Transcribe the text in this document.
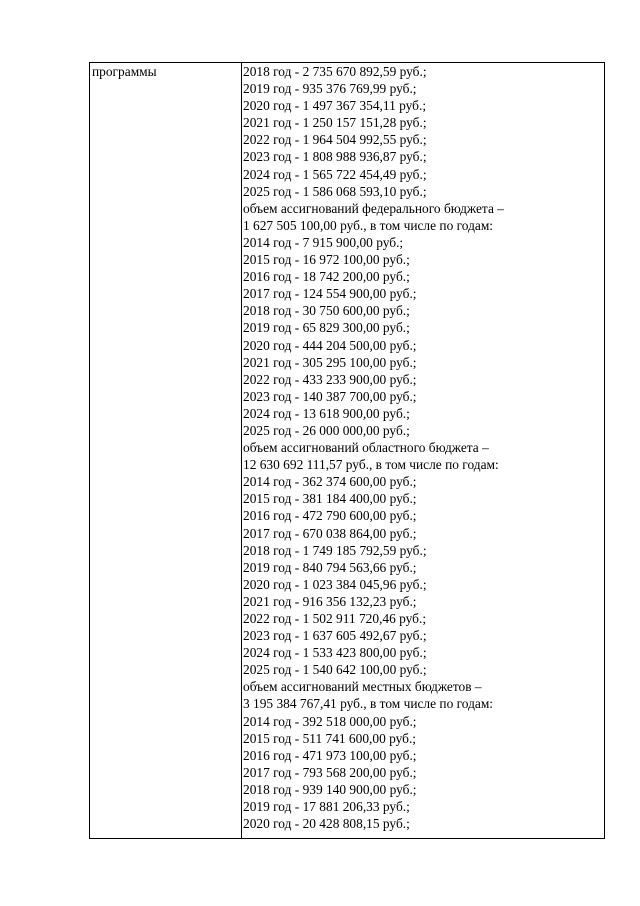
программы	2018 год - 2 735 670 892,59 руб.;
2019 год - 935 376 769,99 руб.;
2020 год - 1 497 367 354,11 руб.;
2021 год - 1 250 157 151,28 руб.;
2022 год - 1 964 504 992,55 руб.;
2023 год - 1 808 988 936,87 руб.;
2024 год - 1 565 722 454,49 руб.;
2025 год - 1 586 068 593,10 руб.;
объем ассигнований федерального бюджета –
1 627 505 100,00 руб., в том числе по годам:
2014 год - 7 915 900,00 руб.;
2015 год - 16 972 100,00 руб.;
2016 год - 18 742 200,00 руб.;
2017 год - 124 554 900,00 руб.;
2018 год - 30 750 600,00 руб.;
2019 год - 65 829 300,00 руб.;
2020 год - 444 204 500,00 руб.;
2021 год - 305 295 100,00 руб.;
2022 год - 433 233 900,00 руб.;
2023 год - 140 387 700,00 руб.;
2024 год - 13 618 900,00 руб.;
2025 год - 26 000 000,00 руб.;
объем ассигнований областного бюджета –
12 630 692 111,57 руб., в том числе по годам:
2014 год - 362 374 600,00 руб.;
2015 год - 381 184 400,00 руб.;
2016 год - 472 790 600,00 руб.;
2017 год - 670 038 864,00 руб.;
2018 год - 1 749 185 792,59 руб.;
2019 год - 840 794 563,66 руб.;
2020 год - 1 023 384 045,96 руб.;
2021 год - 916 356 132,23 руб.;
2022 год - 1 502 911 720,46 руб.;
2023 год - 1 637 605 492,67 руб.;
2024 год - 1 533 423 800,00 руб.;
2025 год - 1 540 642 100,00 руб.;
объем ассигнований местных бюджетов –
3 195 384 767,41 руб., в том числе по годам:
2014 год - 392 518 000,00 руб.;
2015 год - 511 741 600,00 руб.;
2016 год - 471 973 100,00 руб.;
2017 год - 793 568 200,00 руб.;
2018 год - 939 140 900,00 руб.;
2019 год - 17 881 206,33 руб.;
2020 год - 20 428 808,15 руб.;
